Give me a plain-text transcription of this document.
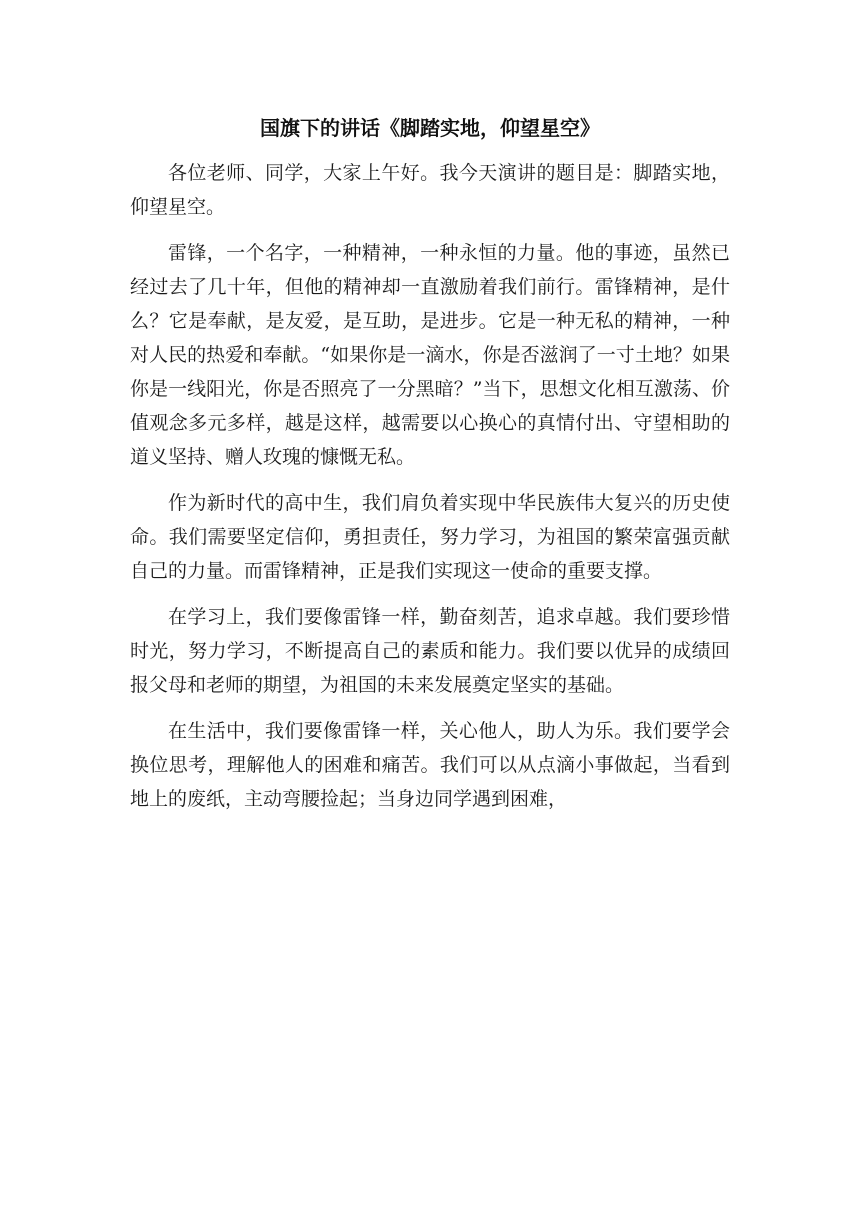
国旗下的讲话《脚踏实地，仰望星空》

各位老师、同学，大家上午好。我今天演讲的题目是：脚踏实地，仰望星空。

雷锋，一个名字，一种精神，一种永恒的力量。他的事迹，虽然已经过去了几十年，但他的精神却一直激励着我们前行。雷锋精神，是什么？它是奉献，是友爱，是互助，是进步。它是一种无私的精神，一种对人民的热爱和奉献。“如果你是一滴水，你是否滋润了一寸土地？如果你是一线阳光，你是否照亮了一分黑暗？”当下，思想文化相互激荡、价值观念多元多样，越是这样，越需要以心换心的真情付出、守望相助的道义坚持、赠人玫瑰的慷慨无私。

作为新时代的高中生，我们肩负着实现中华民族伟大复兴的历史使命。我们需要坚定信仰，勇担责任，努力学习，为祖国的繁荣富强贡献自己的力量。而雷锋精神，正是我们实现这一使命的重要支撑。

在学习上，我们要像雷锋一样，勤奋刻苦，追求卓越。我们要珍惜时光，努力学习，不断提高自己的素质和能力。我们要以优异的成绩回报父母和老师的期望，为祖国的未来发展奠定坚实的基础。

在生活中，我们要像雷锋一样，关心他人，助人为乐。我们要学会换位思考，理解他人的困难和痛苦。我们可以从点滴小事做起，当看到地上的废纸，主动弯腰捡起；当身边同学遇到困难，
